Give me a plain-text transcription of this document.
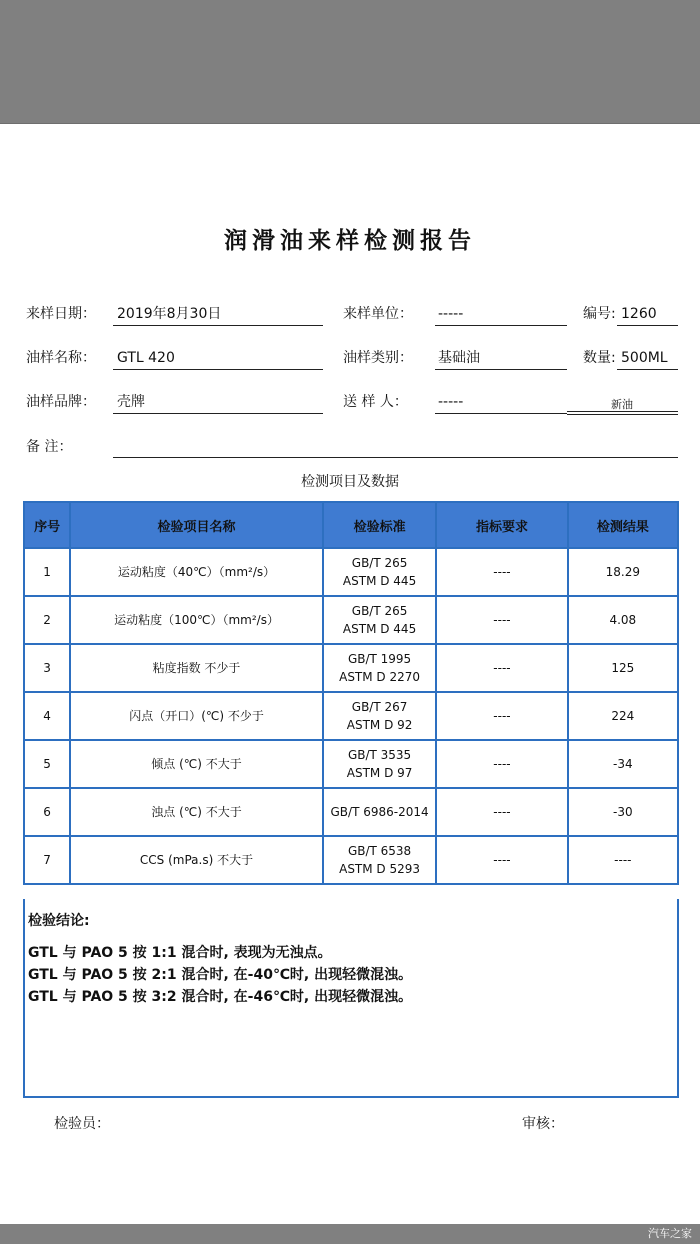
润滑油来样检测报告
来样日期： 2019年8月30日	来样单位： -----	编号: 1260
油样名称： GTL 420	油样类别： 基础油	数量: 500ML
油样品牌： 壳牌	送 样 人： -----	新油
备 注：
检测项目及数据
序号	检验项目名称	检验标准	指标要求	检测结果
1	运动粘度（40℃）（mm²/s）	GB/T 265
ASTM D 445	----	18.29
2	运动粘度（100℃）（mm²/s）	GB/T 265
ASTM D 445	----	4.08
3	粘度指数 不少于	GB/T 1995
ASTM D 2270	----	125
4	闪点（开口）(℃) 不少于	GB/T 267
ASTM D 92	----	224
5	倾点 (℃) 不大于	GB/T 3535
ASTM D 97	----	-34
6	浊点 (℃) 不大于	GB/T 6986-2014	----	-30
7	CCS (mPa.s) 不大于	GB/T 6538
ASTM D 5293	----	----
检验结论:
GTL 与 PAO 5 按 1:1 混合时, 表现为无浊点。
GTL 与 PAO 5 按 2:1 混合时, 在-40℃时, 出现轻微混浊。
GTL 与 PAO 5 按 3:2 混合时, 在-46℃时, 出现轻微混浊。
检验员：	审核：
汽车之家
